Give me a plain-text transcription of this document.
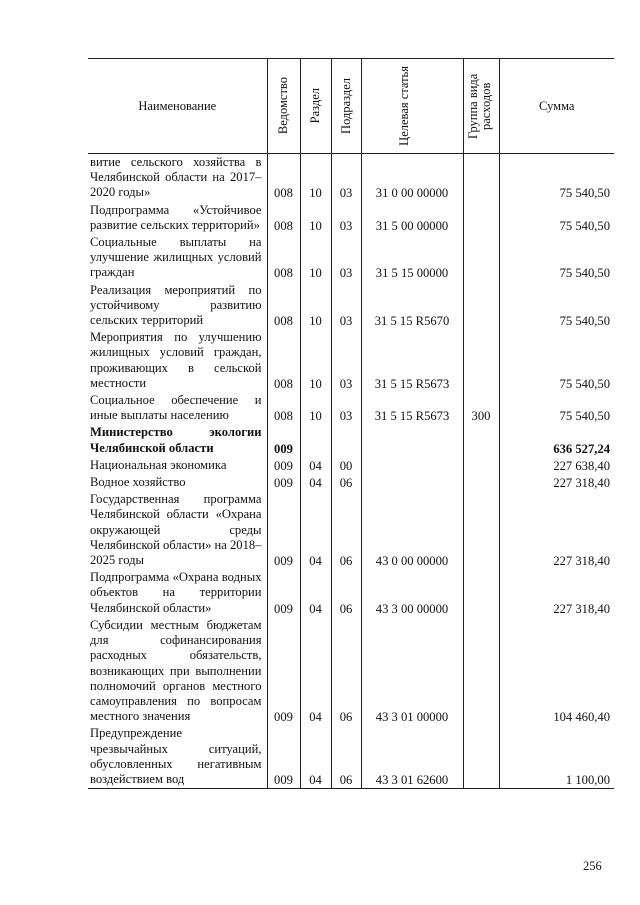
Наименование	Ведомство	Раздел	Подраздел	Целевая статья	Группа вида расходов	Сумма
витие сельского хозяйства в Челябинской области на 2017–2020 годы»	008	10	03	31 0 00 00000		75 540,50
Подпрограмма «Устойчивое развитие сельских территорий»	008	10	03	31 5 00 00000		75 540,50
Социальные выплаты на улучшение жилищных условий граждан	008	10	03	31 5 15 00000		75 540,50
Реализация мероприятий по устойчивому развитию сельских территорий	008	10	03	31 5 15 R5670		75 540,50
Мероприятия по улучшению жилищных условий граждан, проживающих в сельской местности	008	10	03	31 5 15 R5673		75 540,50
Социальное обеспечение и иные выплаты населению	008	10	03	31 5 15 R5673	300	75 540,50
Министерство экологии Челябинской области	009					636 527,24
Национальная экономика	009	04	00			227 638,40
Водное хозяйство	009	04	06			227 318,40
Государственная программа Челябинской области «Охрана окружающей среды Челябинской области» на 2018–2025 годы	009	04	06	43 0 00 00000		227 318,40
Подпрограмма «Охрана водных объектов на территории Челябинской области»	009	04	06	43 3 00 00000		227 318,40
Субсидии местным бюджетам для софинансирования расходных обязательств, возникающих при выполнении полномочий органов местного самоуправления по вопросам местного значения	009	04	06	43 3 01 00000		104 460,40
Предупреждение чрезвычайных ситуаций, обусловленных негативным воздействием вод	009	04	06	43 3 01 62600		1 100,00
256
